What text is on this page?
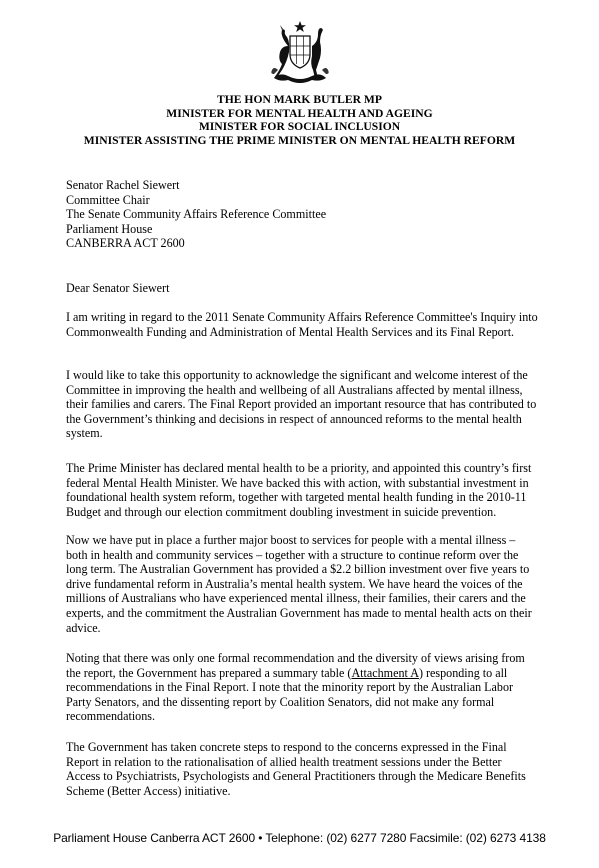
THE HON MARK BUTLER MP
MINISTER FOR MENTAL HEALTH AND AGEING
MINISTER FOR SOCIAL INCLUSION
MINISTER ASSISTING THE PRIME MINISTER ON MENTAL HEALTH REFORM
Senator Rachel Siewert
Committee Chair
The Senate Community Affairs Reference Committee
Parliament House
CANBERRA ACT 2600
Dear Senator Siewert

I am writing in regard to the 2011 Senate Community Affairs Reference Committee's Inquiry into Commonwealth Funding and Administration of Mental Health Services and its Final Report.

I would like to take this opportunity to acknowledge the significant and welcome interest of the Committee in improving the health and wellbeing of all Australians affected by mental illness, their families and carers. The Final Report provided an important resource that has contributed to the Government’s thinking and decisions in respect of announced reforms to the mental health system.

The Prime Minister has declared mental health to be a priority, and appointed this country’s first federal Mental Health Minister. We have backed this with action, with substantial investment in foundational health system reform, together with targeted mental health funding in the 2010-11 Budget and through our election commitment doubling investment in suicide prevention.

Now we have put in place a further major boost to services for people with a mental illness – both in health and community services – together with a structure to continue reform over the long term. The Australian Government has provided a $2.2 billion investment over five years to drive fundamental reform in Australia’s mental health system. We have heard the voices of the millions of Australians who have experienced mental illness, their families, their carers and the experts, and the commitment the Australian Government has made to mental health acts on their advice.

Noting that there was only one formal recommendation and the diversity of views arising from the report, the Government has prepared a summary table (Attachment A) responding to all recommendations in the Final Report. I note that the minority report by the Australian Labor Party Senators, and the dissenting report by Coalition Senators, did not make any formal recommendations.

The Government has taken concrete steps to respond to the concerns expressed in the Final Report in relation to the rationalisation of allied health treatment sessions under the Better Access to Psychiatrists, Psychologists and General Practitioners through the Medicare Benefits Scheme (Better Access) initiative.

Parliament House Canberra ACT 2600 • Telephone: (02) 6277 7280 Facsimile: (02) 6273 4138
